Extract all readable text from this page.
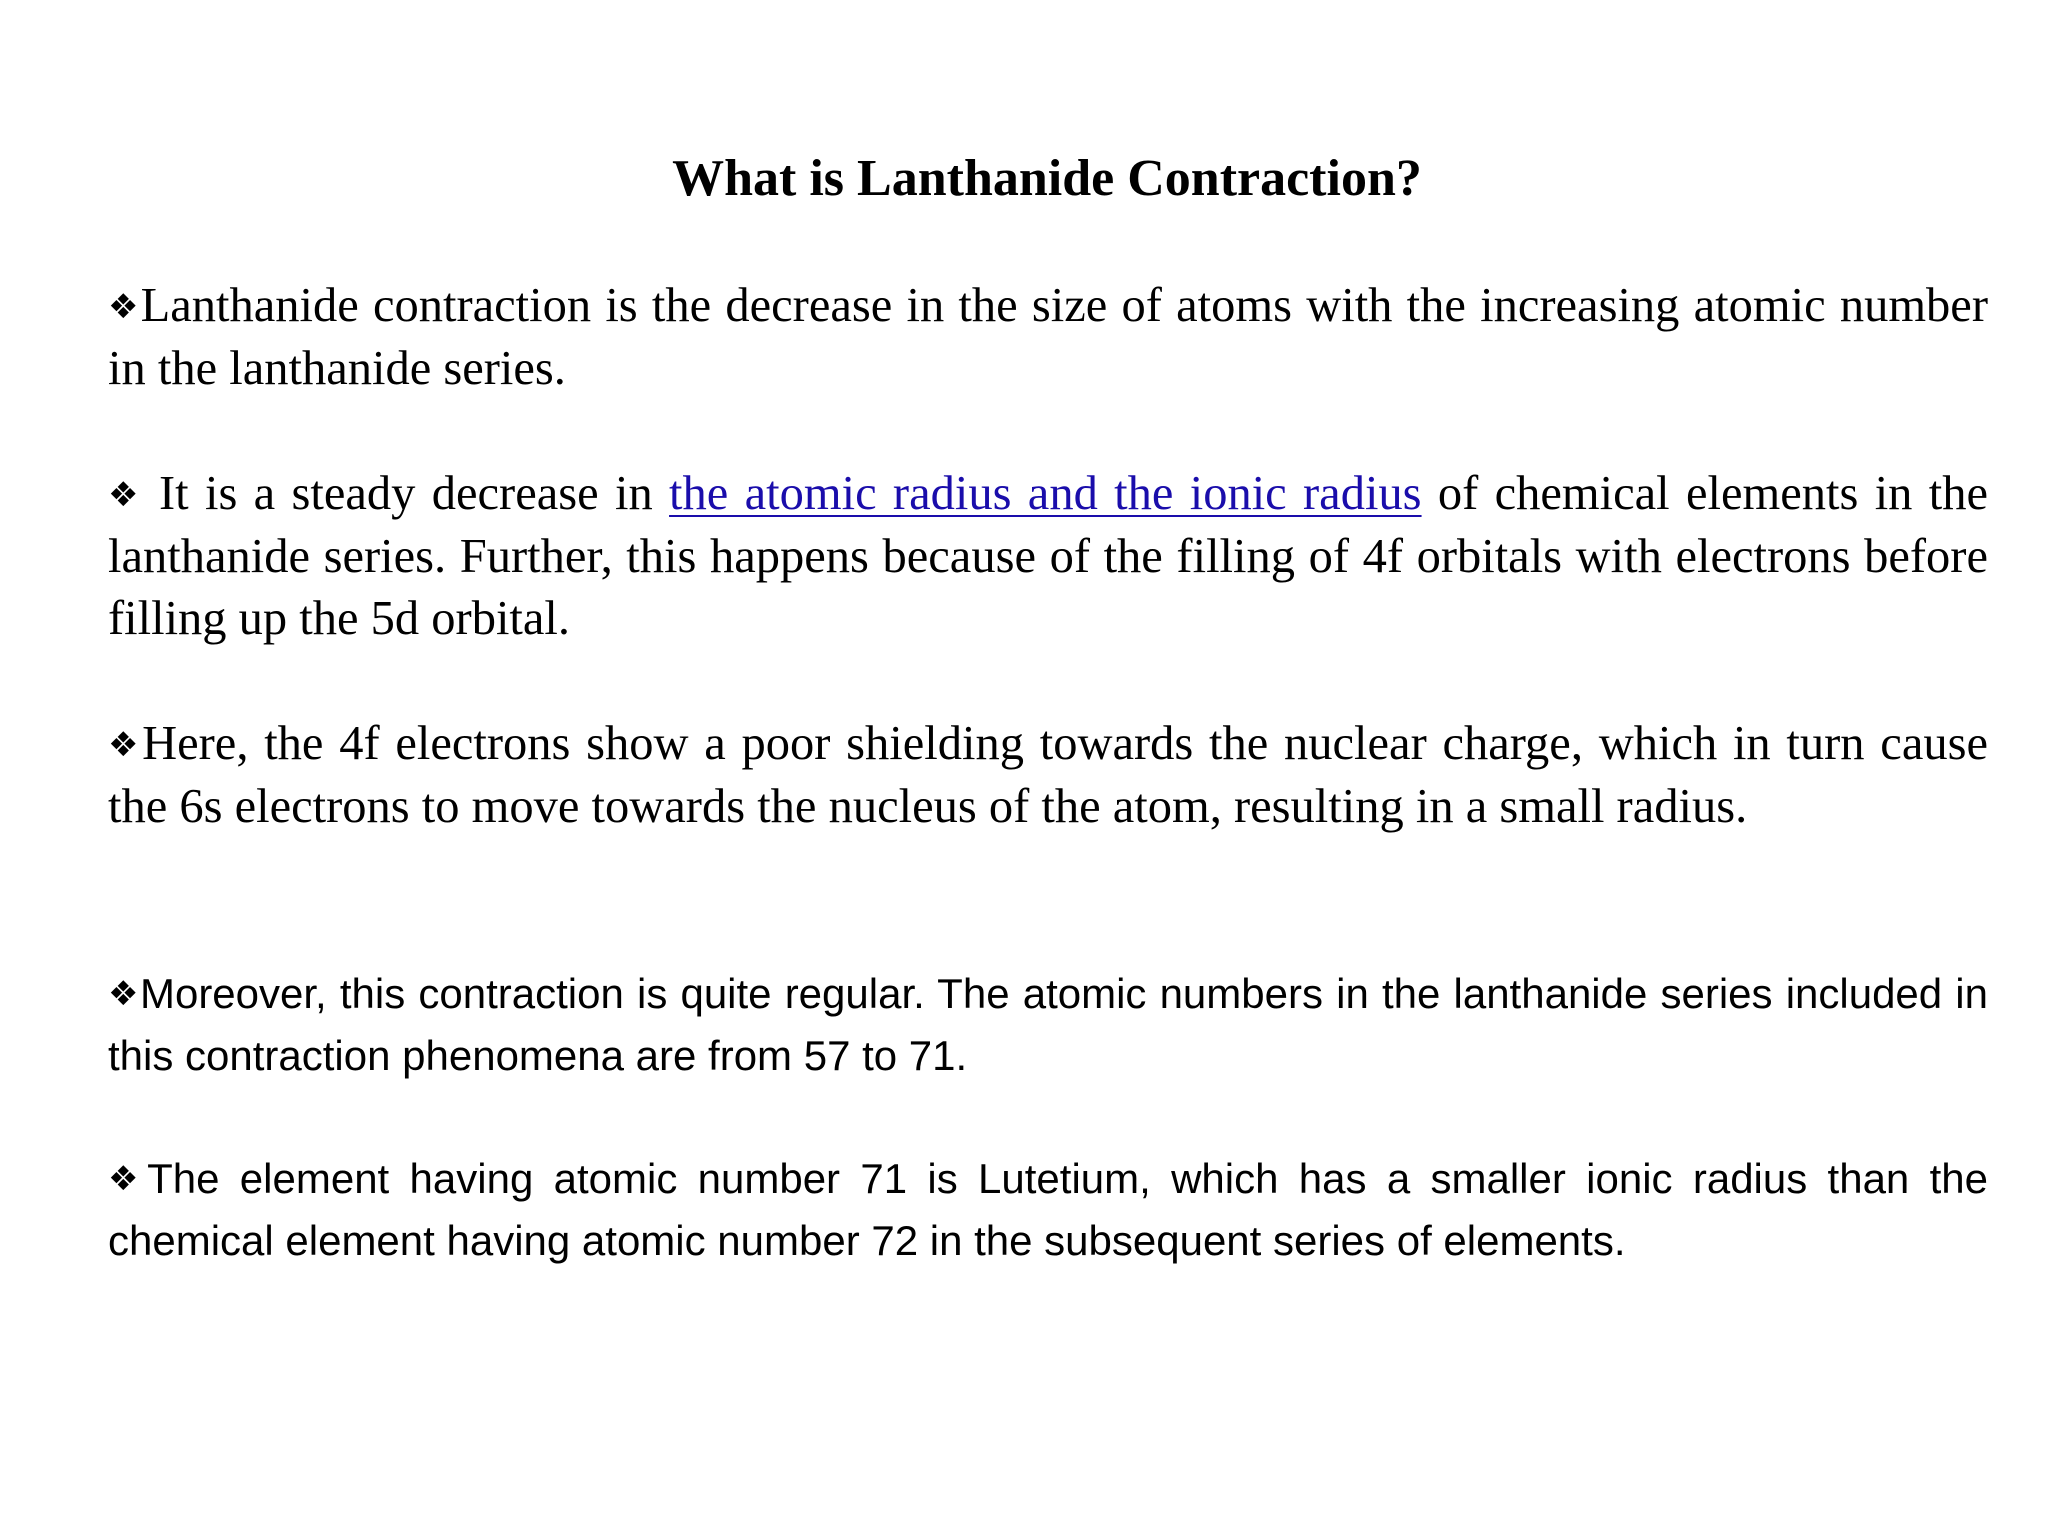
What is Lanthanide Contraction?

❖Lanthanide contraction is the decrease in the size of atoms with the increasing atomic number in the lanthanide series.

❖ It is a steady decrease in the atomic radius and the ionic radius of chemical elements in the lanthanide series. Further, this happens because of the filling of 4f orbitals with electrons before filling up the 5d orbital.

❖Here, the 4f electrons show a poor shielding towards the nuclear charge, which in turn cause the 6s electrons to move towards the nucleus of the atom, resulting in a small radius.

❖Moreover, this contraction is quite regular. The atomic numbers in the lanthanide series included in this contraction phenomena are from 57 to 71.

❖The element having atomic number 71 is Lutetium, which has a smaller ionic radius than the chemical element having atomic number 72 in the subsequent series of elements.
